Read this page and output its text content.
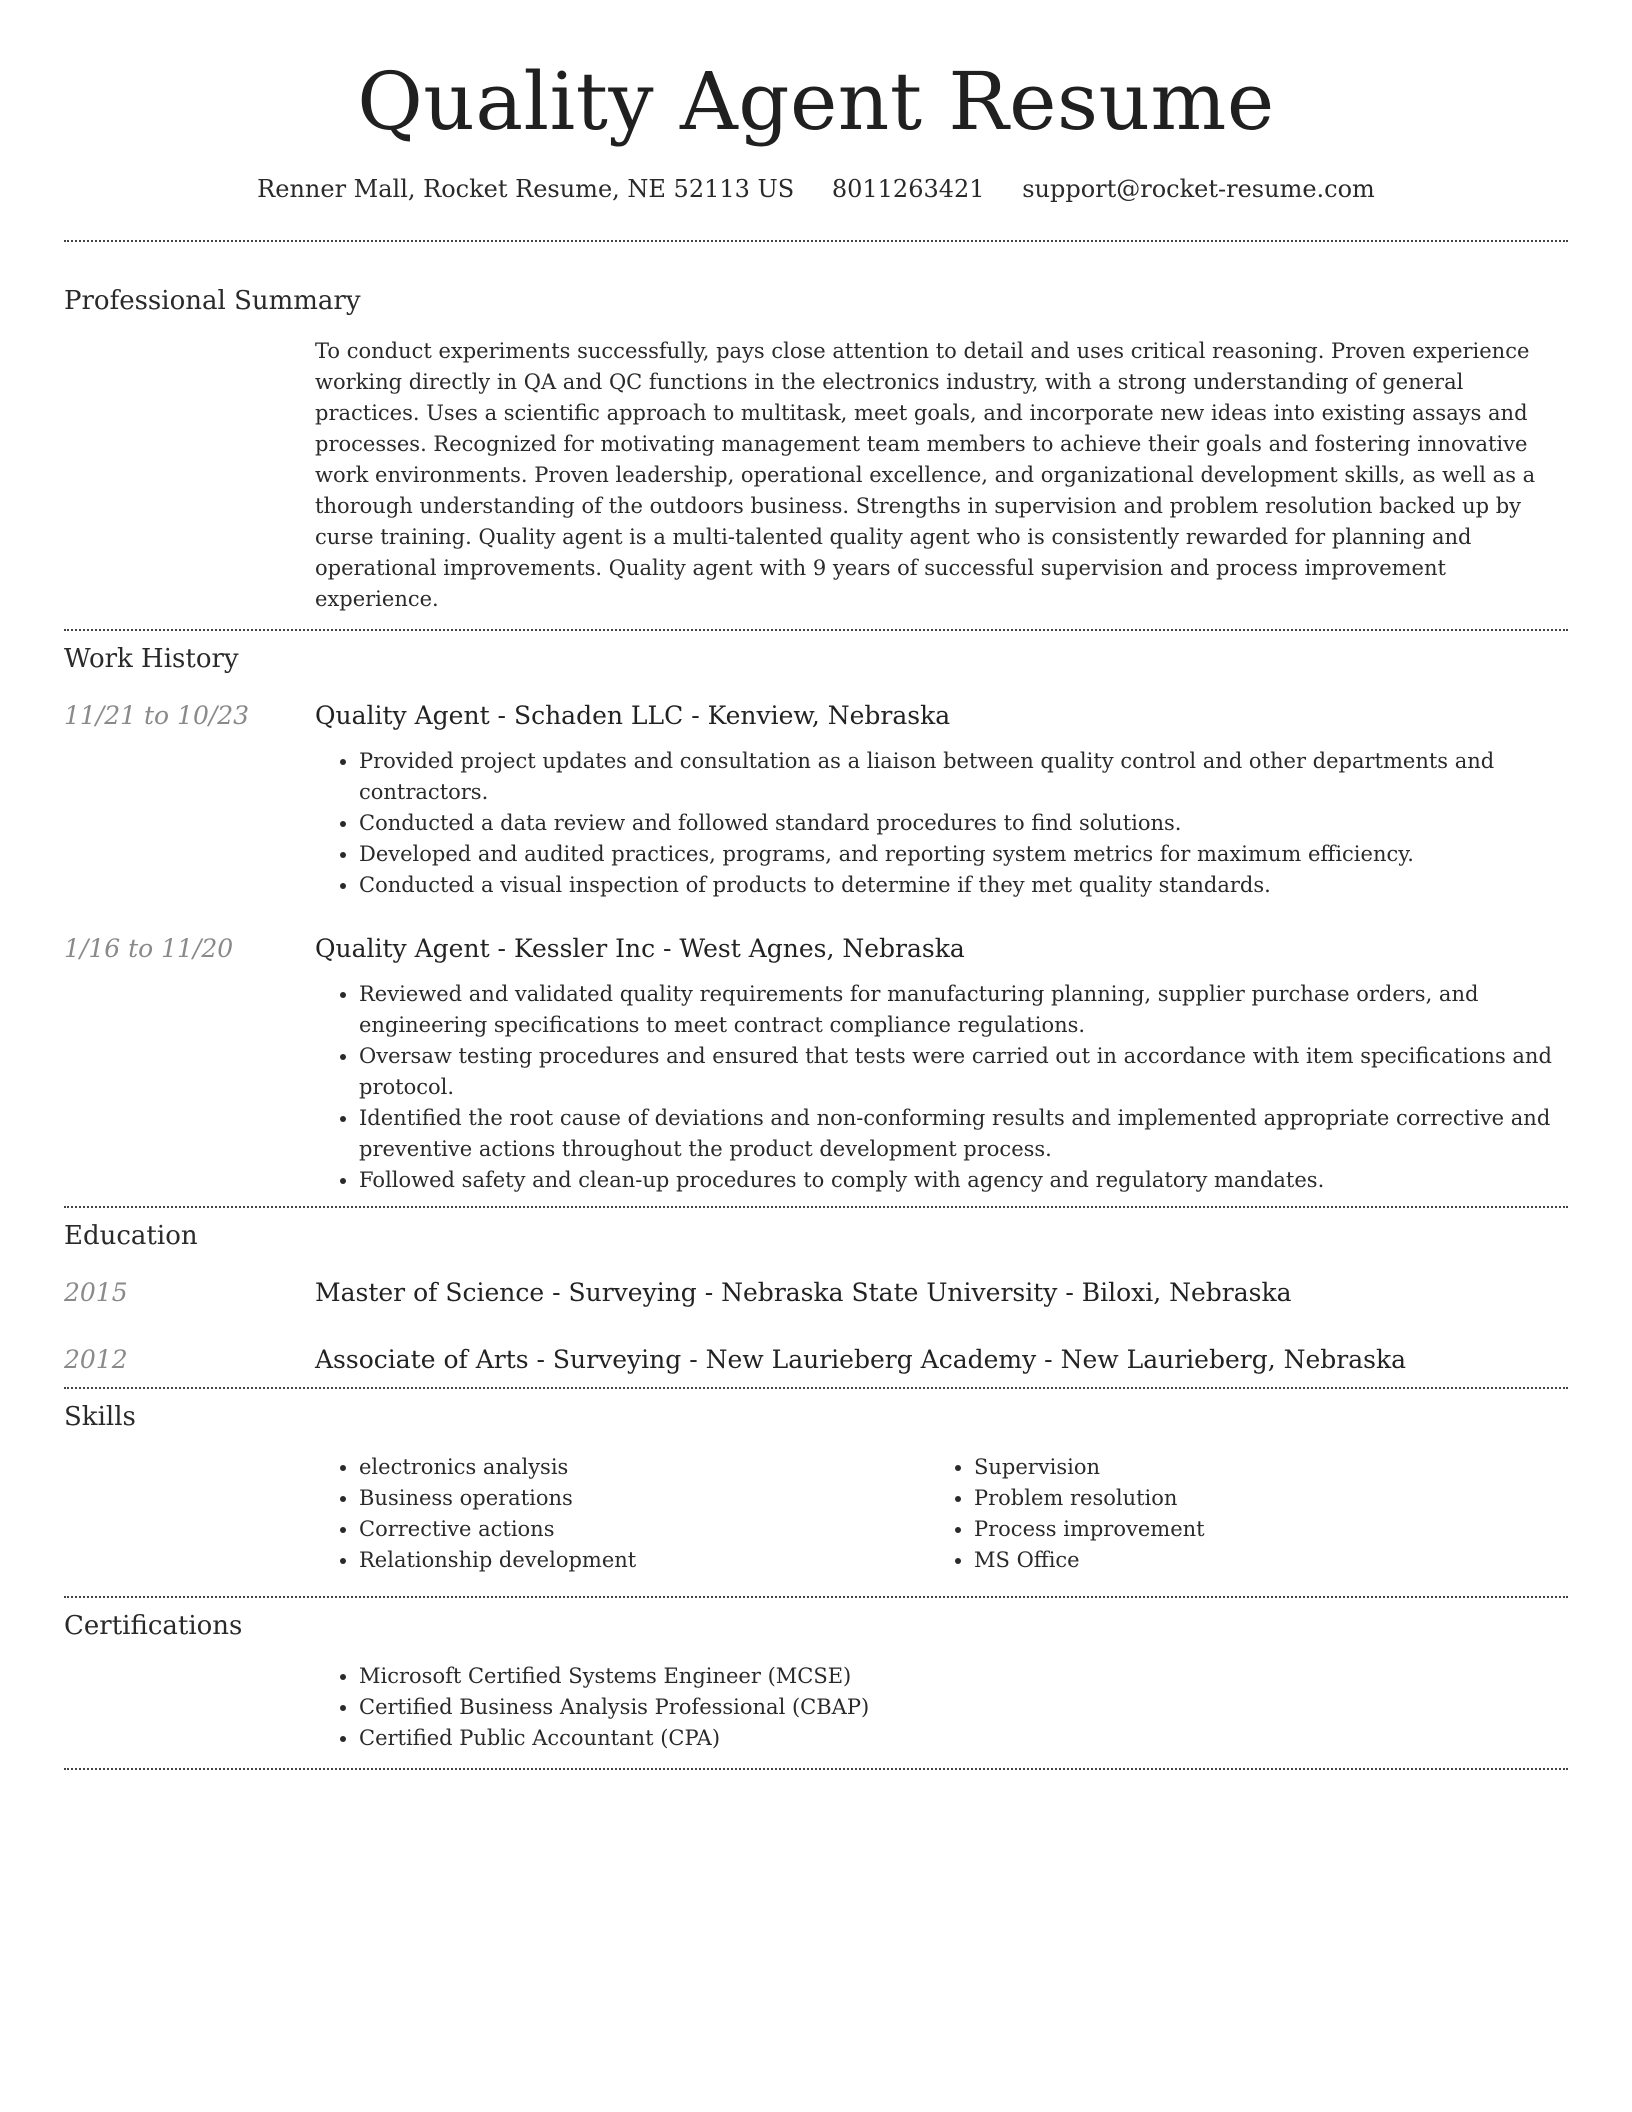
Quality Agent Resume
Renner Mall, Rocket Resume, NE 52113 US 8011263421 support@rocket-resume.com
Professional Summary

To conduct experiments successfully, pays close attention to detail and uses critical reasoning. Proven experience working directly in QA and QC functions in the electronics industry, with a strong understanding of general practices. Uses a scientific approach to multitask, meet goals, and incorporate new ideas into existing assays and processes. Recognized for motivating management team members to achieve their goals and fostering innovative work environments. Proven leadership, operational excellence, and organizational development skills, as well as a thorough understanding of the outdoors business. Strengths in supervision and problem resolution backed up by curse training. Quality agent is a multi-talented quality agent who is consistently rewarded for planning and operational improvements. Quality agent with 9 years of successful supervision and process improvement experience.

Work History
11/21 to 10/23	Quality Agent - Schaden LLC - Kenview, Nebraska
• Provided project updates and consultation as a liaison between quality control and other departments and contractors.
• Conducted a data review and followed standard procedures to find solutions.
• Developed and audited practices, programs, and reporting system metrics for maximum efficiency.
• Conducted a visual inspection of products to determine if they met quality standards.
1/16 to 11/20	Quality Agent - Kessler Inc - West Agnes, Nebraska
• Reviewed and validated quality requirements for manufacturing planning, supplier purchase orders, and engineering specifications to meet contract compliance regulations.
• Oversaw testing procedures and ensured that tests were carried out in accordance with item specifications and protocol.
• Identified the root cause of deviations and non-conforming results and implemented appropriate corrective and preventive actions throughout the product development process.
• Followed safety and clean-up procedures to comply with agency and regulatory mandates.
Education
2015	Master of Science - Surveying - Nebraska State University - Biloxi, Nebraska
2012	Associate of Arts - Surveying - New Laurieberg Academy - New Laurieberg, Nebraska
Skills
• electronics analysis
• Business operations
• Corrective actions
• Relationship development
• Supervision
• Problem resolution
• Process improvement
• MS Office
Certifications
• Microsoft Certified Systems Engineer (MCSE)
• Certified Business Analysis Professional (CBAP)
• Certified Public Accountant (CPA)
